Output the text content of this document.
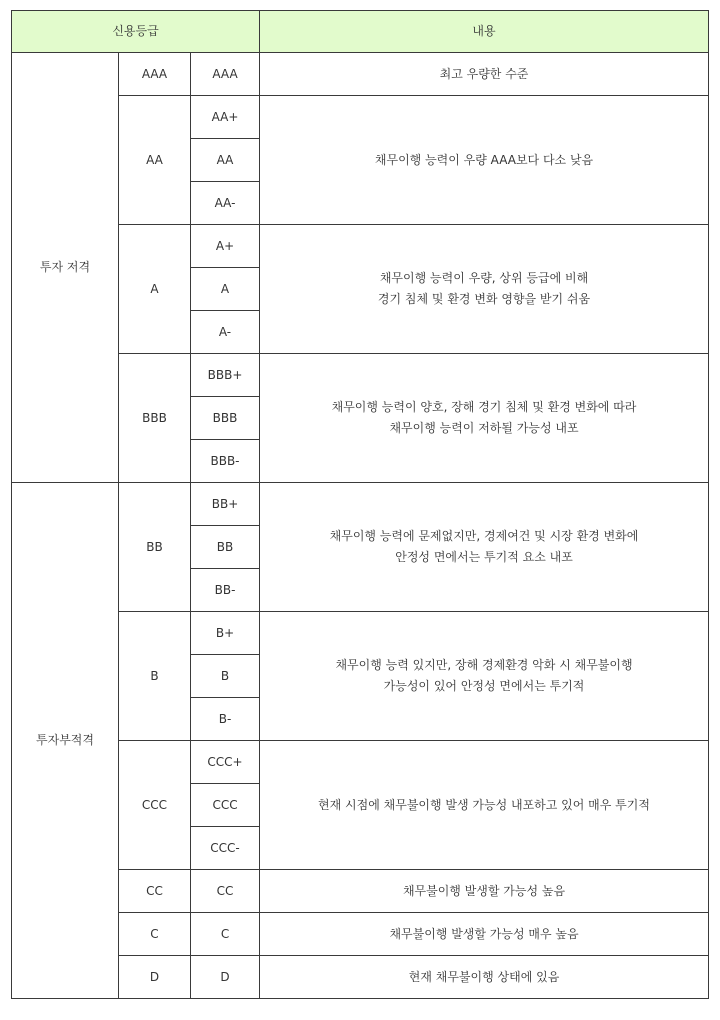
신용등급			내용
투자 저격	AAA	AAA	최고 우량한 수준
	AA	AA+	채무이행 능력이 우량 AAA보다 다소 낮음
		AA	
		AA-	
	A	A+	채무이행 능력이 우량, 상위 등급에 비해
경기 침체 및 환경 변화 영향을 받기 쉬움
		A	
		A-	
	BBB	BBB+	채무이행 능력이 양호, 장해 경기 침체 및 환경 변화에 따라
채무이행 능력이 저하될 가능성 내포
		BBB	
		BBB-	
투자부적격	BB	BB+	채무이행 능력에 문제없지만, 경제여건 및 시장 환경 변화에
안정성 면에서는 투기적 요소 내포
		BB	
		BB-	
	B	B+	채무이행 능력 있지만, 장해 경제환경 악화 시 채무불이행
가능성이 있어 안정성 면에서는 투기적
		B	
		B-	
	CCC	CCC+	현재 시점에 채무불이행 발생 가능성 내포하고 있어 매우 투기적
		CCC	
		CCC-	
	CC	CC	채무불이행 발생할 가능성 높음
	C	C	채무불이행 발생할 가능성 매우 높음
	D	D	현재 채무불이행 상태에 있음
